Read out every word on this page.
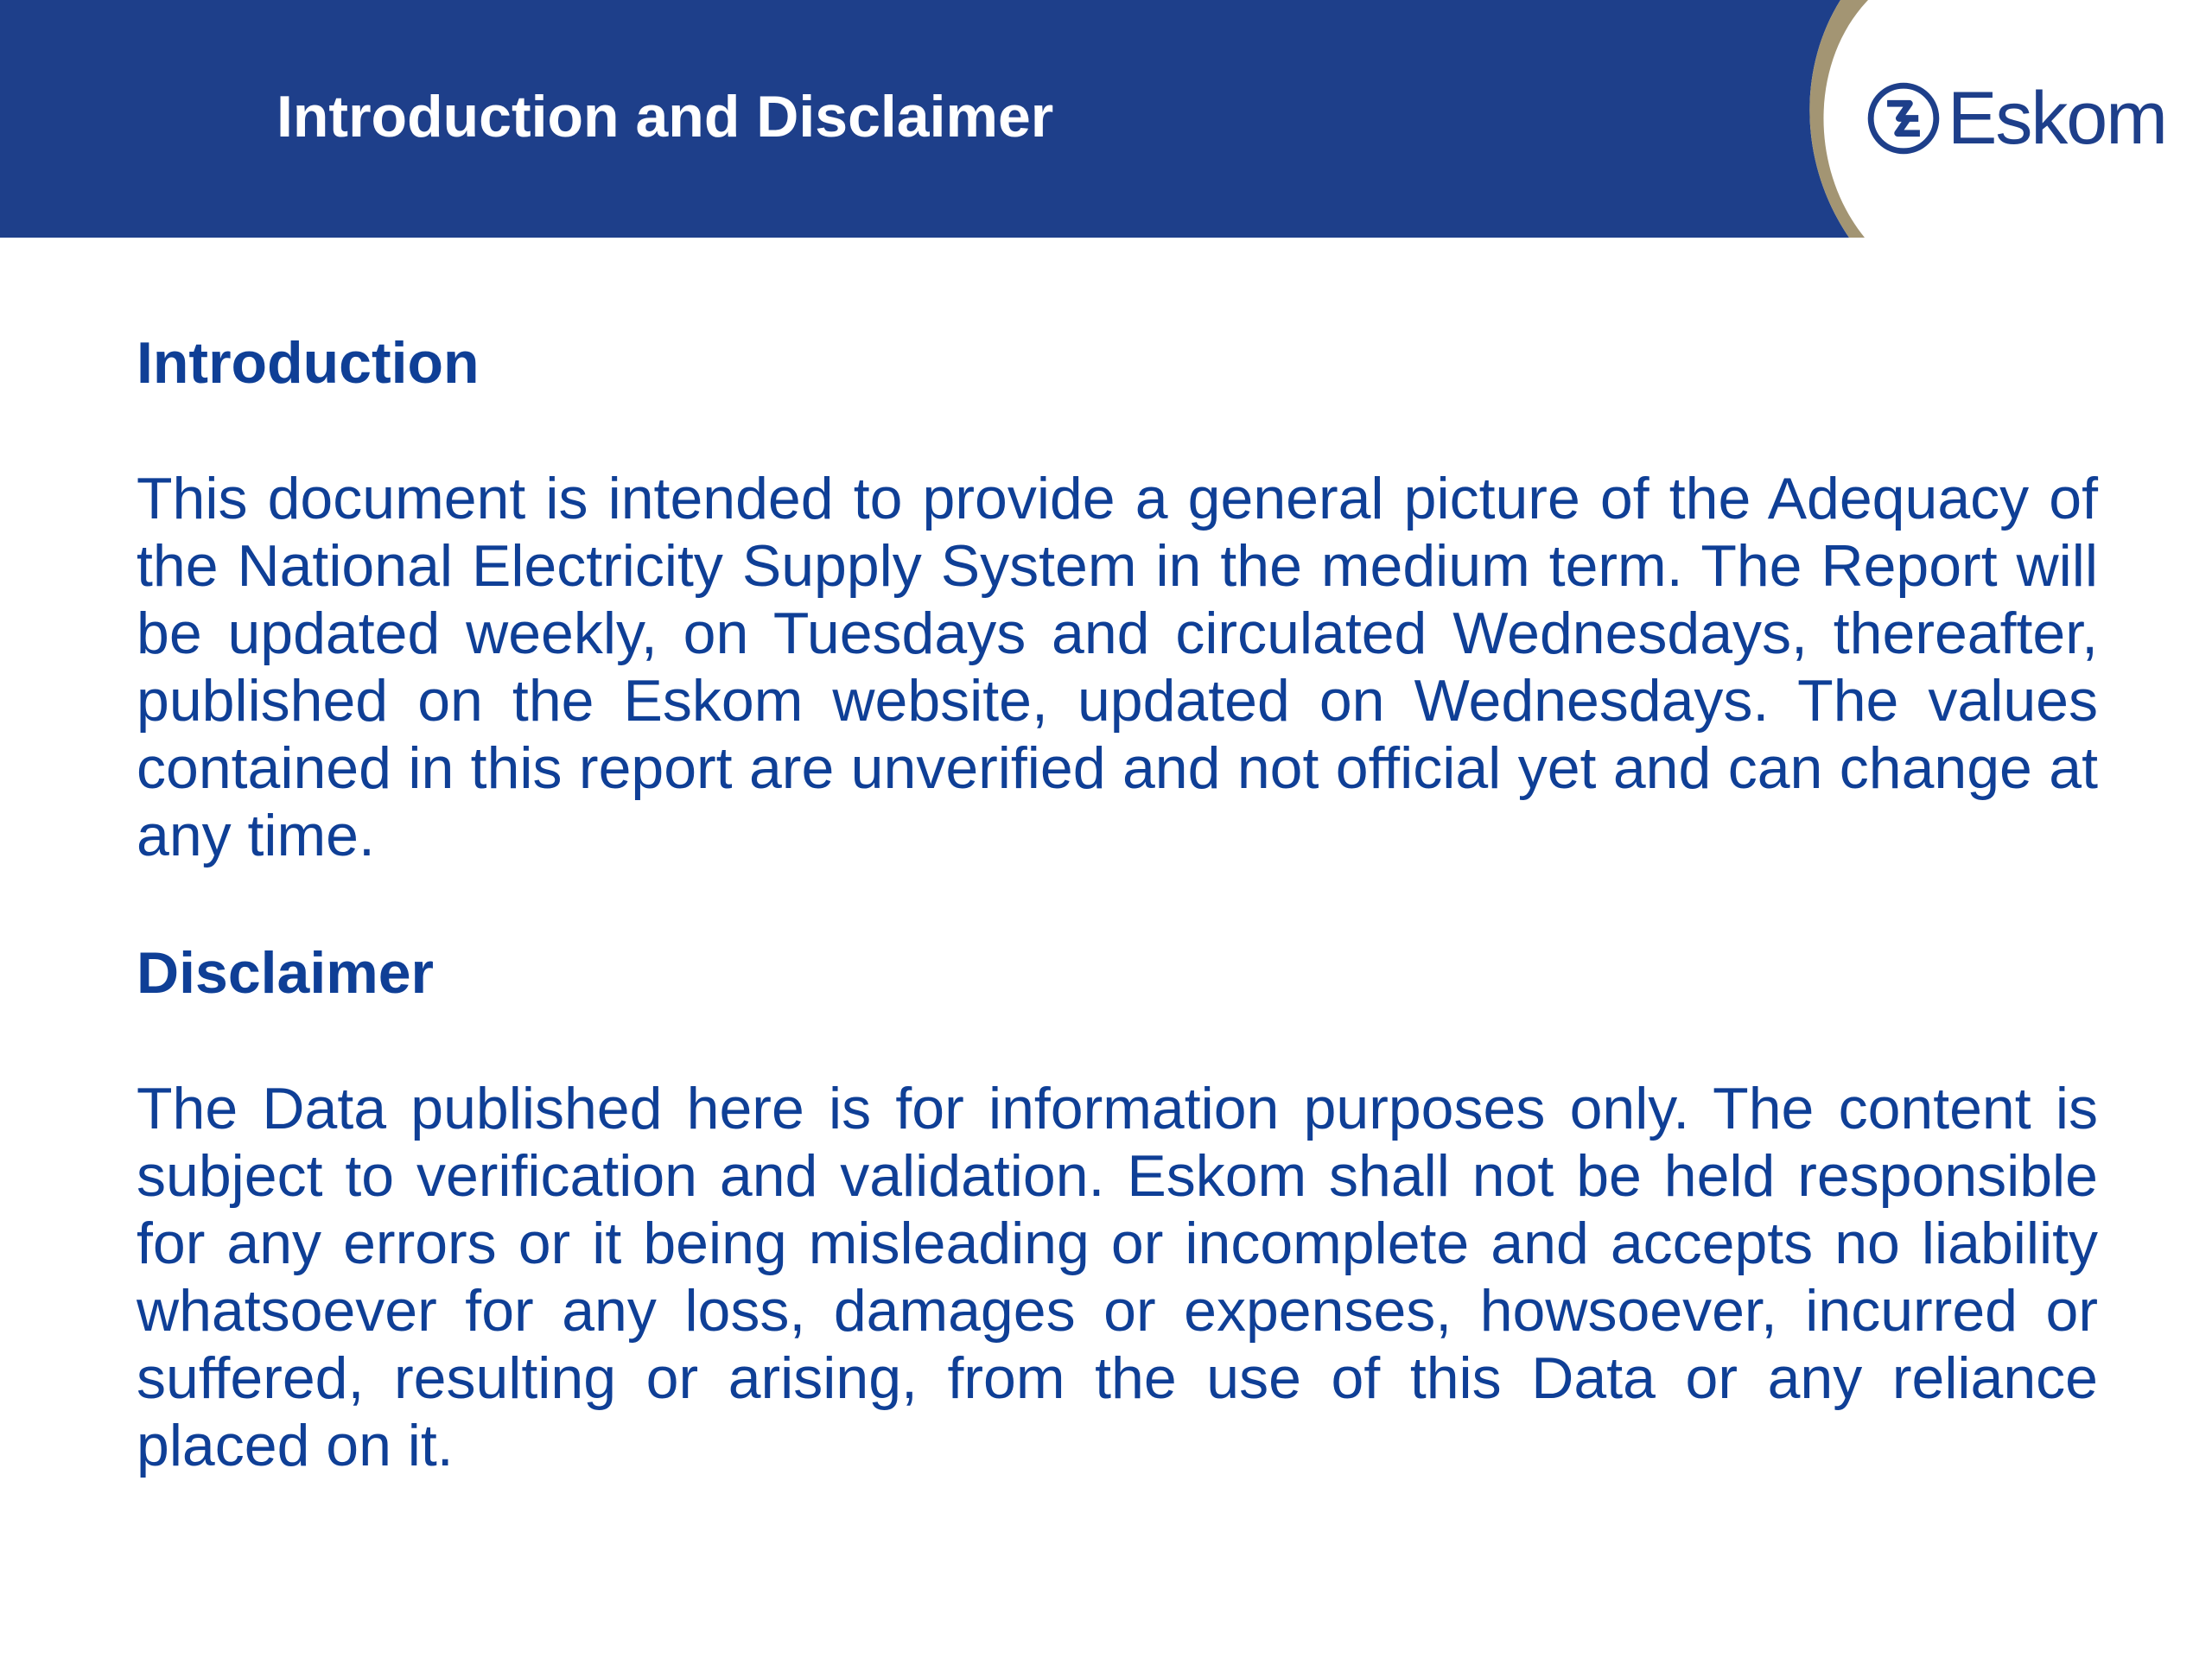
Introduction and Disclaimer	Eskom
Introduction

This document is intended to provide a general picture of the Adequacy of the National Electricity Supply System in the medium term. The Report will be updated weekly, on Tuesdays and circulated Wednesdays, thereafter, published on the Eskom website, updated on Wednesdays. The values contained in this report are unverified and not official yet and can change at any time.

Disclaimer

The Data published here is for information purposes only. The content is subject to verification and validation. Eskom shall not be held responsible for any errors or it being misleading or incomplete and accepts no liability whatsoever for any loss, damages or expenses, howsoever, incurred or suffered, resulting or arising, from the use of this Data or any reliance placed on it.
